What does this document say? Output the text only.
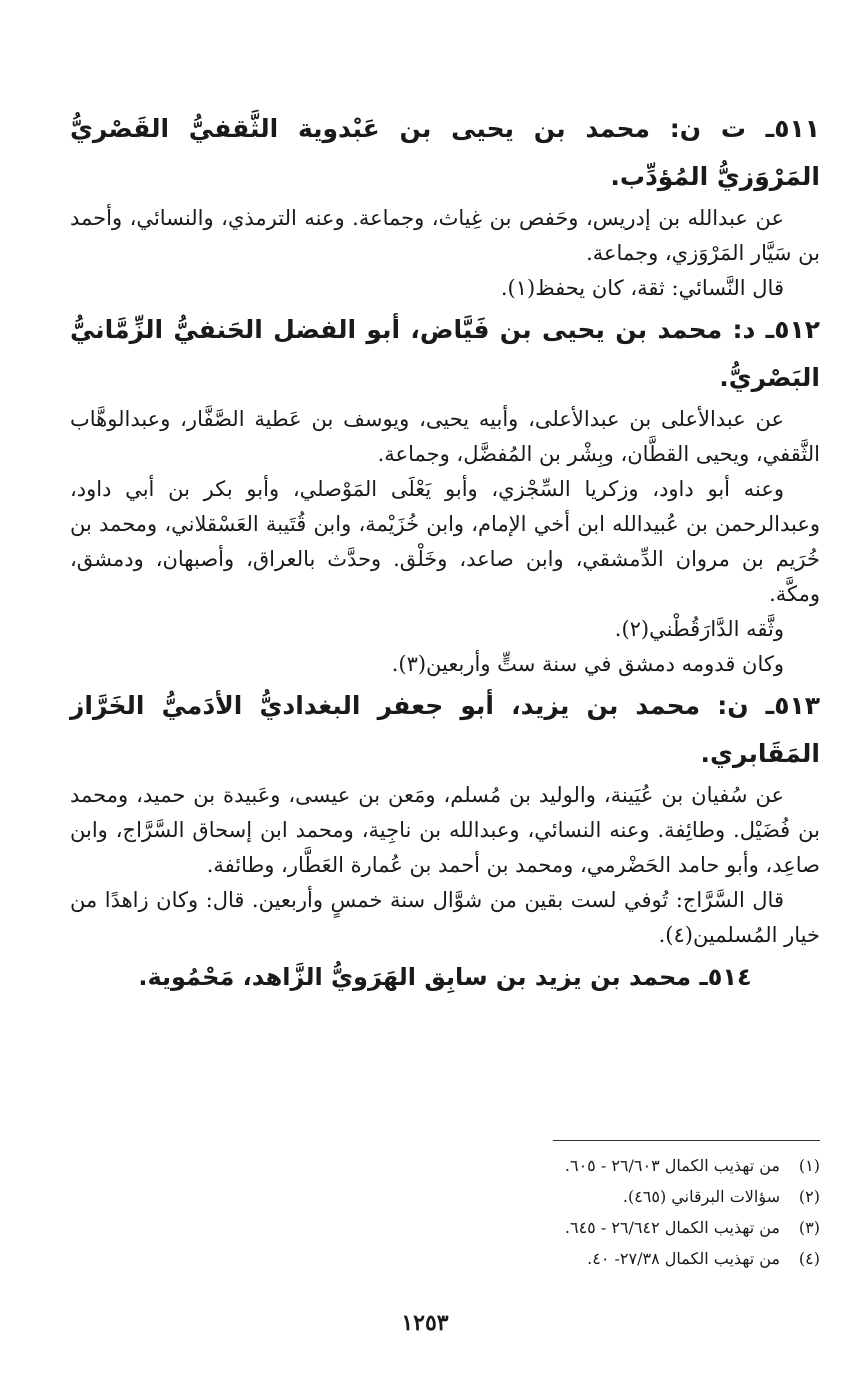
٥١١ـ ت ن: محمد بن يحيى بن عَبْدوية الثَّقفيُّ القَصْريُّ المَرْوَزيُّ المُؤدِّب.

عن عبدالله بن إدريس، وحَفص بن غِياث، وجماعة. وعنه الترمذي، والنسائي، وأحمد بن سَيَّار المَرْوَزي، وجماعة.

قال النَّسائي: ثقة، كان يحفظ(١).

٥١٢ـ د: محمد بن يحيى بن فَيَّاض، أبو الفضل الحَنفيُّ الزِّمَّانيُّ البَصْريُّ.

عن عبدالأعلى بن عبدالأعلى، وأبيه يحيى، ويوسف بن عَطية الصَّفَّار، وعبدالوهَّاب الثَّقفي، ويحيى القطَّان، وبِشْر بن المُفضَّل، وجماعة.

وعنه أبو داود، وزكريا السِّجْزي، وأبو يَعْلَى المَوْصلي، وأبو بكر بن أبي داود، وعبدالرحمن بن عُبيدالله ابن أخي الإمام، وابن خُزَيْمة، وابن قُتَيبة العَسْقلاني، ومحمد بن خُرَيم بن مروان الدِّمشقي، وابن صاعد، وخَلْق. وحدَّث بالعراق، وأصبهان، ودمشق، ومكَّة.

وثَّقه الدَّارَقُطْني(٢).

وكان قدومه دمشق في سنة ستٍّ وأربعين(٣).

٥١٣ـ ن: محمد بن يزيد، أبو جعفر البغداديُّ الأدَميُّ الخَرَّاز المَقَابري.

عن سُفيان بن عُيَينة، والوليد بن مُسلم، ومَعن بن عيسى، وعَبيدة بن حميد، ومحمد بن فُضَيْل. وطائِفة. وعنه النسائي، وعبدالله بن ناجِية، ومحمد ابن إسحاق السَّرَّاج، وابن صاعِد، وأبو حامد الحَضْرمي، ومحمد بن أحمد بن عُمارة العَطَّار، وطائفة.

قال السَّرَّاج: تُوفي لست بقين من شوَّال سنة خمسٍ وأربعين. قال: وكان زاهدًا من خيار المُسلمين(٤).

٥١٤ـ محمد بن يزيد بن سابِق الهَرَويُّ الزَّاهد، مَحْمُوية.

(١)من تهذيب الكمال ٢٦/٦٠٣ - ٦٠٥.

(٢)سؤالات البرقاني (٤٦٥).

(٣)من تهذيب الكمال ٢٦/٦٤٢ - ٦٤٥.

(٤)من تهذيب الكمال ٢٧/٣٨- ٤٠.

١٢٥٣
